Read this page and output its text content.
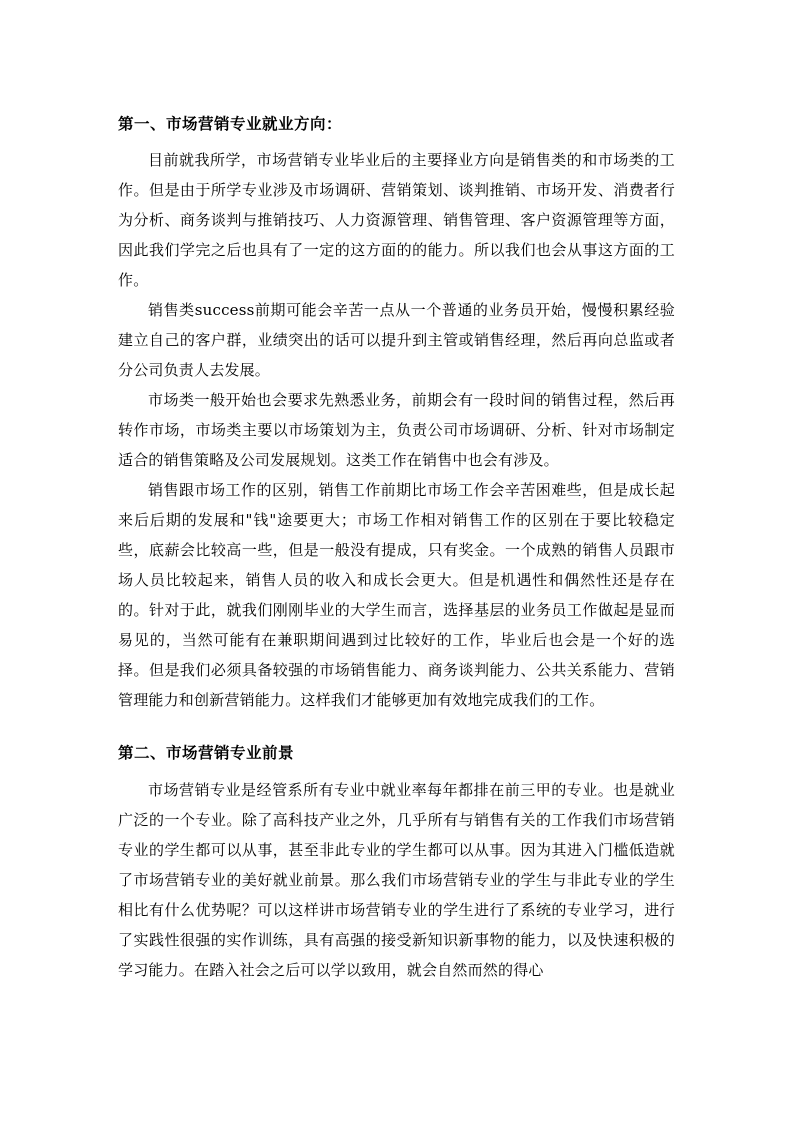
第一、市场营销专业就业方向：

目前就我所学，市场营销专业毕业后的主要择业方向是销售类的和市场类的工作。但是由于所学专业涉及市场调研、营销策划、谈判推销、市场开发、消费者行为分析、商务谈判与推销技巧、人力资源管理、销售管理、客户资源管理等方面，因此我们学完之后也具有了一定的这方面的的能力。所以我们也会从事这方面的工作。

销售类success前期可能会辛苦一点从一个普通的业务员开始，慢慢积累经验建立自己的客户群，业绩突出的话可以提升到主管或销售经理，然后再向总监或者分公司负责人去发展。

市场类一般开始也会要求先熟悉业务，前期会有一段时间的销售过程，然后再转作市场，市场类主要以市场策划为主，负责公司市场调研、分析、针对市场制定适合的销售策略及公司发展规划。这类工作在销售中也会有涉及。

销售跟市场工作的区别，销售工作前期比市场工作会辛苦困难些，但是成长起来后后期的发展和"钱"途要更大；市场工作相对销售工作的区别在于要比较稳定些，底薪会比较高一些，但是一般没有提成，只有奖金。一个成熟的销售人员跟市场人员比较起来，销售人员的收入和成长会更大。但是机遇性和偶然性还是存在的。针对于此，就我们刚刚毕业的大学生而言，选择基层的业务员工作做起是显而易见的，当然可能有在兼职期间遇到过比较好的工作，毕业后也会是一个好的选择。但是我们必须具备较强的市场销售能力、商务谈判能力、公共关系能力、营销管理能力和创新营销能力。这样我们才能够更加有效地完成我们的工作。

第二、市场营销专业前景

市场营销专业是经管系所有专业中就业率每年都排在前三甲的专业。也是就业广泛的一个专业。除了高科技产业之外，几乎所有与销售有关的工作我们市场营销专业的学生都可以从事，甚至非此专业的学生都可以从事。因为其进入门槛低造就了市场营销专业的美好就业前景。那么我们市场营销专业的学生与非此专业的学生相比有什么优势呢？可以这样讲市场营销专业的学生进行了系统的专业学习，进行了实践性很强的实作训练，具有高强的接受新知识新事物的能力，以及快速积极的学习能力。在踏入社会之后可以学以致用，就会自然而然的得心
